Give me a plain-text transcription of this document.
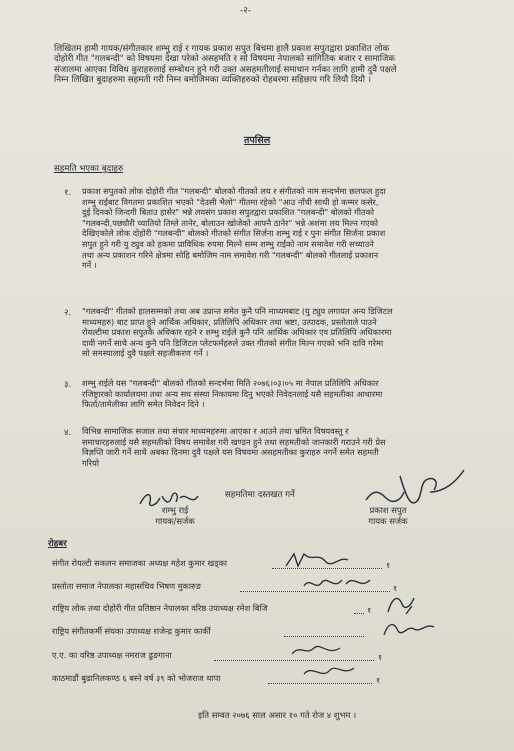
-२-
लिखितम हामी गायक/संगीतकार शम्भु राई र गायक प्रकाश सपुत बिचमा हालै प्रकाश सपुतद्वारा प्रकाशित लोक
दोहोरी गीत "गलबन्दी" को विषयमा देखा परेको असहमति र सो विषयमा नेपालको सांगितिक बजार र सामाजिक
संजालमा आएका विविध कुराहरुलाई सम्बोधन हुने गरी उक्त असहमतीलाई समाधान गर्नका लागि हामी दुवै पक्षले
निम्न लिखित बुदाहरुमा सहमती गरी निम्न बमोजिमका व्यक्तिहरुको रोहबरमा सहिछाप गरि लियौ दियौ ।
तपसिल
सहमति भएका बुदाहरु
१. प्रकाश सपुतको लोक दोहोरी गीत "गलबन्दी" बोलको गीतको लय र संगीतको नाम सन्दर्भमा छलफल हुदा
शम्भु राईबाट विगतमा प्रकाशित भएको "देउसी भैलो" गीतमा रहेको "आउ नाँची साथी हो कम्मर कसेर,
दुई दिनको जिन्दगी बिताउ हासेर" भन्ने लयसंग प्रकाश सपुतद्वारा प्रकाशित "गलबन्दी" बोलको गीतको
"गलबन्दी,पछ्यौरी च्यातियो तिम्ले तानेर, बोलाउन खोजेको आफ्नै ठानेर" भन्ने अशंमा लय मिल्न गएको
देखिएकोले लोक दोहोरी "गलबन्दी" बोलको गीतको संगीत सिर्जना शम्भु राई र पुनः संगीत सिर्जना प्रकाश
सपुत हुने गरी यु ट्युव को हकमा प्राविधिक रुपमा मिल्ने सम्म शम्भु राईको नाम समावेश गरी सच्याउने
तथा अन्य प्रकाशन गरिने क्षेत्रमा सोहि बमोजिम नाम समावेश गरी "गलबन्दी" बोलको गीतलाई प्रकाशन
गर्ने ।
२. "गलबन्दी" गीतको हालसम्मको तथा अब उप्रान्त समेत कुनै पनि माध्यमबाट (यु ट्युव लगायत अन्य डिजिटल
माध्यमहरु) बाट प्राप्त हुने आर्थिक अधिकार, प्रतिलिपि अधिकार तथा श्रष्टा, उत्पादक, प्रस्तोताले पाउने
रोयल्टीमा प्रकाश सपुतकै अधिकार रहने र शम्भु राईले कुनै पनि आर्थिक अधिकार एव प्रतिलिपि अधिकारमा
दावी नगर्ने साथै अन्य कुनै पनि डिजिटल प्लेटफर्महरुले उक्त गीतको संगीत मिल्न गएको भनि दावि गरेमा
सो समस्यालाई दुवै पक्षले सहजीकरण गर्ने ।
३. शम्भु राईले यस "गलबन्दी" बोलको गीतको सन्दर्भमा मिति २०७६।०३।०५ मा नेपाल प्रतिलिपि अधिकार
रजिष्ट्रारको कार्यालयमा तथा अन्य सघ संस्था निकायमा दिनु भएको निवेदनलाई यसै सहमतीका आधारमा
फिर्ता/तामेलीका लागि समेत निवेदन दिने ।
४. विभिन्न सामाजिक सजाल तथा संचार माध्यमहरुमा आएका र आउने तथा भ्रमित विषयवस्तु र
समाचारहरुलाई यसै सहमतीको विषय समावेश गरी खण्डन हुने तथा सहमतीको जानकारी गराउने गरी प्रेस
विज्ञप्ति जारी गर्ने साथै अबका दिनमा दुवै पक्षले यस विषयमा असहमतीका कुराहरु नगर्ने समेत सहमती
गरियो
सहमतिमा दस्तखत गर्ने
शम्भु राई
गायक/सर्जक
प्रकाश सपुत
गायक सर्जक
रोहबर
संगीत रोयल्टी सकलन समाजका अध्यक्ष महेश कुमार खड्का	१
प्रस्तोता समाज नेपालका महासचिव भिषण मुकारुङ	१
राष्ट्रिय लोक तथा दोहोरी गीत प्रतिष्ठान नेपालका वरिष्ठ उपाध्यक्ष रमेश बिजि	१
राष्ट्रिय संगीतकर्मी संघका उपाध्यक्ष राजेन्द्र कुमार कार्की
ए.ए. का वरिष्ठ उपाध्यक्ष नमराज ढुङगाना	१
काठमाडौं बुढानिलकण्ठ ६ बस्ने वर्ष ३९ को भोजराज थापा	१
इति सम्वत २०७६ साल असार १० गते रोज ४ शुभम ।
